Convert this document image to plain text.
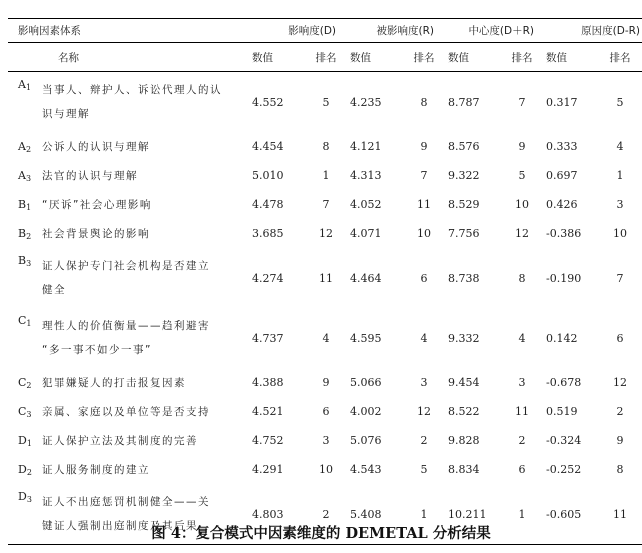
影响因素体系		影响度(D)		被影响度(R)		中心度(D＋R)		原因度(D-R)	
	名称	数值	排名	数值	排名	数值	排名	数值	排名
$A_1$	当事人、辩护人、诉讼代理人的认
识与理解	4.552	5	4.235	8	8.787	7	0.317	5
$A_2$	公诉人的认识与理解	4.454	8	4.121	9	8.576	9	0.333	4
$A_3$	法官的认识与理解	5.010	1	4.313	7	9.322	5	0.697	1
$B_1$	“厌诉”社会心理影响	4.478	7	4.052	11	8.529	10	0.426	3
$B_2$	社会背景舆论的影响	3.685	12	4.071	10	7.756	12	-0.386	10
$B_3$	证人保护专门社会机构是否建立
健全	4.274	11	4.464	6	8.738	8	-0.190	7
$C_1$	理性人的价值衡量——趋利避害
“多一事不如少一事”	4.737	4	4.595	4	9.332	4	0.142	6
$C_2$	犯罪嫌疑人的打击报复因素	4.388	9	5.066	3	9.454	3	-0.678	12
$C_3$	亲属、家庭以及单位等是否支持	4.521	6	4.002	12	8.522	11	0.519	2
$D_1$	证人保护立法及其制度的完善	4.752	3	5.076	2	9.828	2	-0.324	9
$D_2$	证人服务制度的建立	4.291	10	4.543	5	8.834	6	-0.252	8
$D_3$	证人不出庭惩罚机制健全——关
键证人强制出庭制度及其后果	4.803	2	5.408	1	10.211	1	-0.605	11
图 4：复合模式中因素维度的 DEMETAL 分析结果
